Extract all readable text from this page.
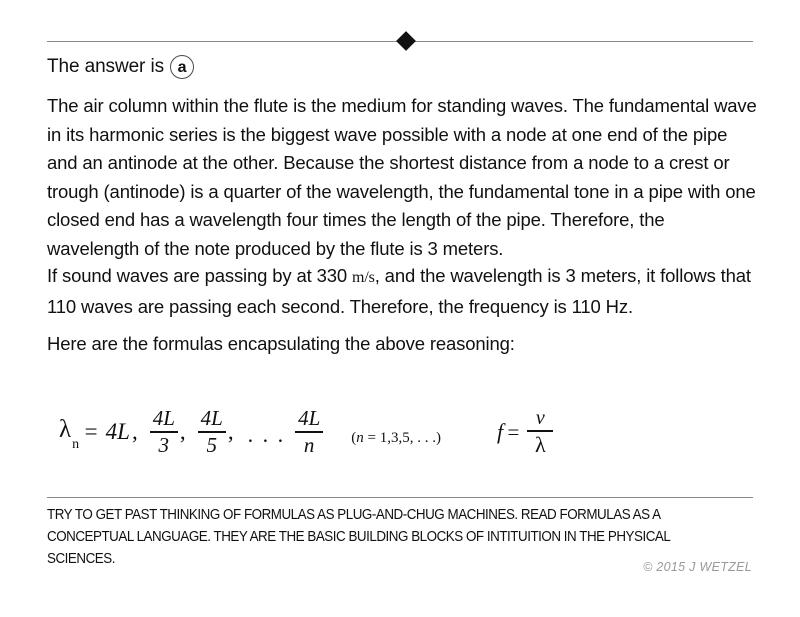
The answer is a
The air column within the flute is the medium for standing waves. The fundamental wave in its harmonic series is the biggest wave possible with a node at one end of the pipe and an antinode at the other. Because the shortest distance from a node to a crest or trough (antinode) is a quarter of the wavelength, the fundamental tone in a pipe with one closed end has a wavelength four times the length of the pipe. Therefore, the wavelength of the note produced by the flute is 3 meters.
If sound waves are passing by at 330 m/s, and the wavelength is 3 meters, it follows that 110 waves are passing each second. Therefore, the frequency is 110 Hz.
Here are the formulas encapsulating the above reasoning:
$\lambda_n$
= 4L , $\frac{4L}{3}$ , $\frac{4L}{5}$ , . . . $\frac{4L}{n} (n = 1,3,5$, . . .)	$f = \frac{v}{\lambda}$
TRY TO GET PAST THINKING OF FORMULAS AS PLUG-AND-CHUG MACHINES. READ FORMULAS AS A CONCEPTUAL LANGUAGE. THEY ARE THE BASIC BUILDING BLOCKS OF INTITUITION IN THE PHYSICAL SCIENCES.	© 2015 J WETZEL
